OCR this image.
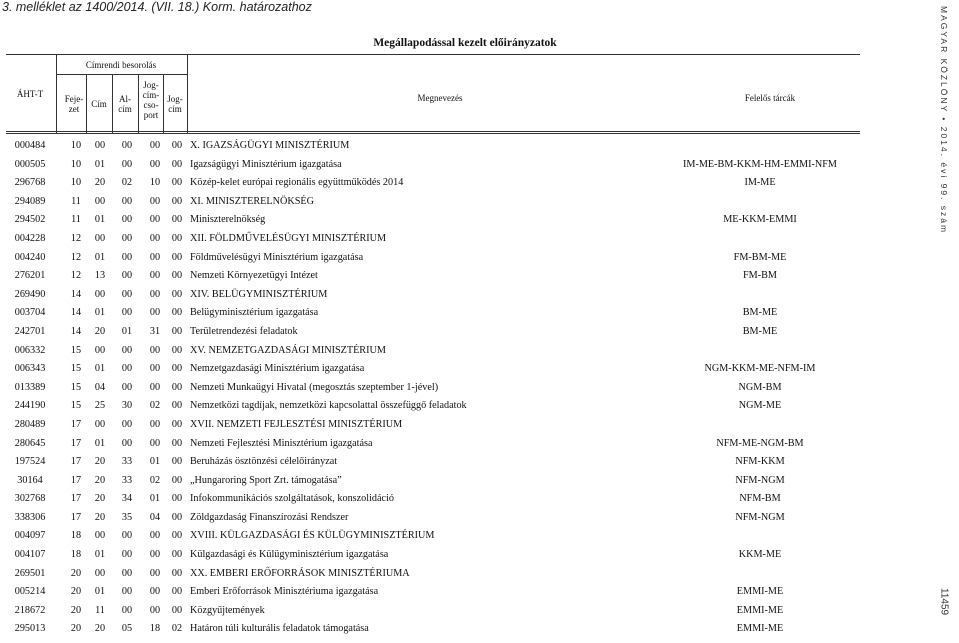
3. melléklet az 1400/2014. (VII. 18.) Korm. határozathoz	MAGYAR KÖZLÖNY • 2014. évi 99. szám
11459
Megállapodással kezelt előirányzatok
ÁHT-T
Címrendi besorolás
Feje-
zet	Cím	Al-
cím
Jog-
cím-
cso-
port
Jog-
cím
Megnevezés	Felelős tárcák
000484	10 00 00 00 00 X. IGAZSÁGÜGYI MINISZTÉRIUM
000505	10 01 00 00 00 Igazságügyi Minisztérium igazgatása	IM-ME-BM-KKM-HM-EMMI-NFM
296768	10 20 02 10 00 Közép-kelet európai regionális együttműködés 2014	IM-ME
294089	11 00 00 00 00 XI. MINISZTERELNÖKSÉG
294502	11 01 00 00 00 Miniszterelnökség	ME-KKM-EMMI
004228	12 00 00 00 00 XII. FÖLDMŰVELÉSÜGYI MINISZTÉRIUM
004240	12 01 00 00 00 Földművelésügyi Minisztérium igazgatása	FM-BM-ME
276201	12 13 00 00 00 Nemzeti Környezetügyi Intézet	FM-BM
269490	14 00 00 00 00 XIV. BELÜGYMINISZTÉRIUM
003704	14 01 00 00 00 Belügyminisztérium igazgatása	BM-ME
242701	14 20 01 31 00 Területrendezési feladatok	BM-ME
006332	15 00 00 00 00 XV. NEMZETGAZDASÁGI MINISZTÉRIUM
006343	15 01 00 00 00 Nemzetgazdasági Minisztérium igazgatása	NGM-KKM-ME-NFM-IM
013389	15 04 00 00 00 Nemzeti Munkaügyi Hivatal (megosztás szeptember 1-jével)	NGM-BM
244190	15 25 30 02 00 Nemzetközi tagdíjak, nemzetközi kapcsolattal összefüggő feladatok	NGM-ME
280489	17 00 00 00 00 XVII. NEMZETI FEJLESZTÉSI MINISZTÉRIUM
280645	17 01 00 00 00 Nemzeti Fejlesztési Minisztérium igazgatása	NFM-ME-NGM-BM
197524	17 20 33 01 00 Beruházás ösztönzési célelőirányzat	NFM-KKM
30164	17 20 33 02 00 „Hungaroring Sport Zrt. támogatása”	NFM-NGM
302768	17 20 34 01 00 Infokommunikációs szolgáltatások, konszolidáció	NFM-BM
338306	17 20 35 04 00 Zöldgazdaság Finanszírozási Rendszer	NFM-NGM
004097	18 00 00 00 00 XVIII. KÜLGAZDASÁGI ÉS KÜLÜGYMINISZTÉRIUM
004107	18 01 00 00 00 Külgazdasági és Külügyminisztérium igazgatása	KKM-ME
269501	20 00 00 00 00 XX. EMBERI ERŐFORRÁSOK MINISZTÉRIUMA
005214	20 01 00 00 00 Emberi Erőforrások Minisztériuma igazgatása	EMMI-ME
218672	20 11 00 00 00 Közgyűjtemények	EMMI-ME
295013	20 20 05 18 02 Határon túli kulturális feladatok támogatása	EMMI-ME
